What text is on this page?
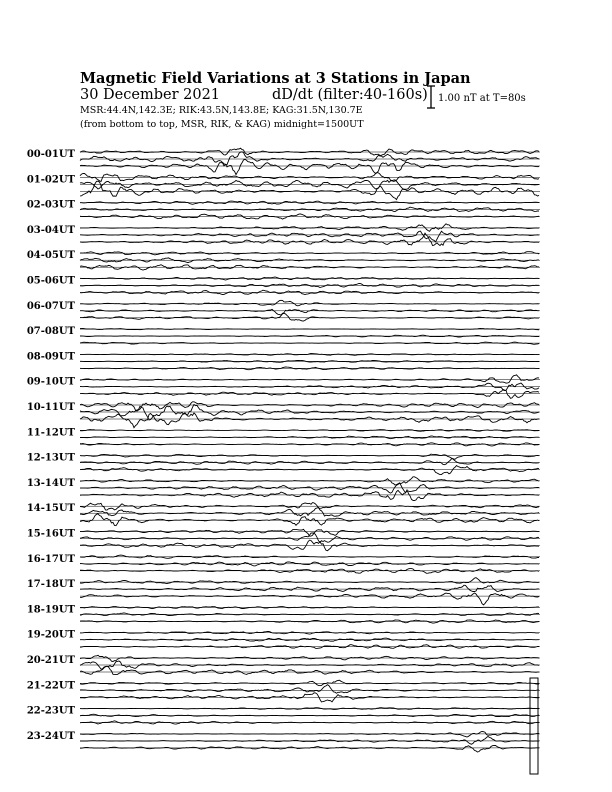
Magnetic Field Variations at 3 Stations in Japan
30 December 2021	dD/dt (filter:40-160s)
MSR:44.4N,142.3E; RIK:43.5N,143.8E; KAG:31.5N,130.7E
(from bottom to top, MSR, RIK, & KAG) midnight=1500UT
1.00 nT at T=80s
00-01UT
01-02UT
02-03UT
03-04UT
04-05UT
05-06UT
06-07UT
07-08UT
08-09UT
09-10UT
10-11UT
11-12UT
12-13UT
13-14UT
14-15UT
15-16UT
16-17UT
17-18UT
18-19UT
19-20UT
20-21UT
21-22UT
22-23UT
23-24UT
